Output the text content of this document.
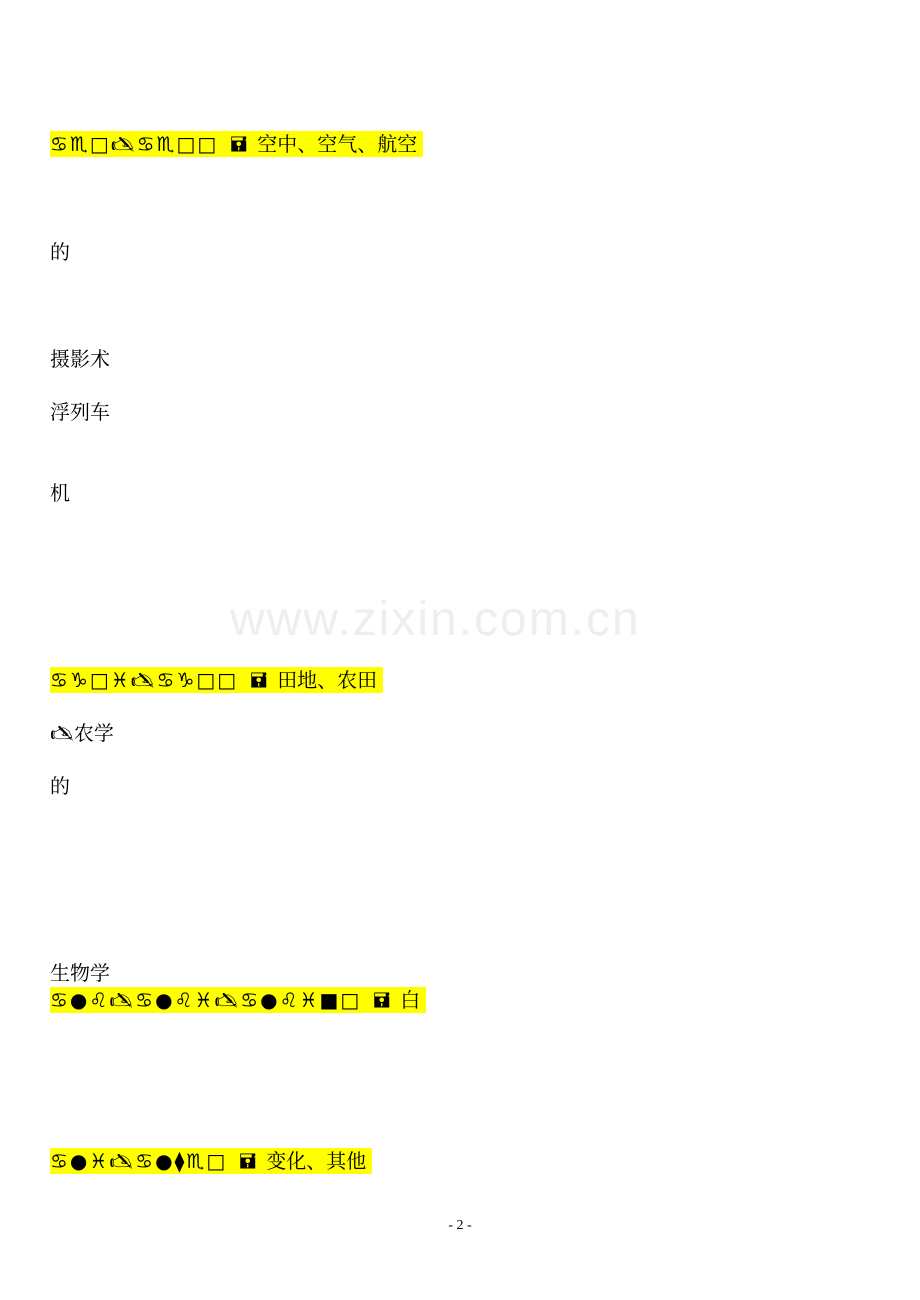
♋♏□🖎♋♏□□ 🖬 空中、空气、航空
的
摄影术
浮列车
机
♋♑□♓🖎♋♑□□ 🖬 田地、农田
🖎农学
的
生物学
♋●♌🖎♋●♌♓🖎♋●♌♓■□ 🖬 白
♋●♓🖎♋●⧫♏□ 🖬 变化、其他
www.zixin.com.cn
- 2 -
